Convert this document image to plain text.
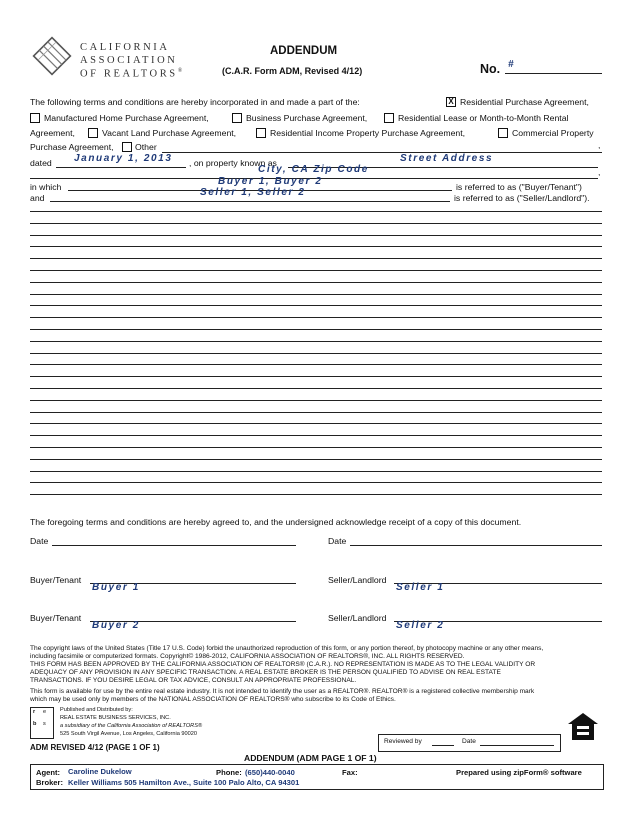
CALIFORNIA
ASSOCIATION
OF REALTORS®
ADDENDUM
(C.A.R. Form ADM, Revised 4/12)	No. #
The following terms and conditions are hereby incorporated in and made a part of the:	X Residential Purchase Agreement,
Manufactured Home Purchase Agreement,	Business Purchase Agreement,	Residential Lease or Month-to-Month Rental
Agreement,	Vacant Land Purchase Agreement,	Residential Income Property Purchase Agreement,	Commercial Property
Purchase Agreement, Other	,
dated January 1, 2013 , on property known as	Street Address
City, CA Zip Code	,
in which	Buyer 1, Buyer 2	is referred to as ("Buyer/Tenant")
and	Seller 1, Seller 2	is referred to as ("Seller/Landlord").
The foregoing terms and conditions are hereby agreed to, and the undersigned acknowledge receipt of a copy of this document.
Date	Date
Buyer/Tenant
Buyer 1
Seller/Landlord
Seller 1
Buyer/Tenant
Buyer 2
Seller/Landlord
Seller 2
The copyright laws of the United States (Title 17 U.S. Code) forbid the unauthorized reproduction of this form, or any portion thereof, by photocopy machine or any other means,
including facsimile or computerized formats. Copyright© 1986-2012, CALIFORNIA ASSOCIATION OF REALTORS®, INC. ALL RIGHTS RESERVED.
THIS FORM HAS BEEN APPROVED BY THE CALIFORNIA ASSOCIATION OF REALTORS® (C.A.R.). NO REPRESENTATION IS MADE AS TO THE LEGAL VALIDITY OR
ADEQUACY OF ANY PROVISION IN ANY SPECIFIC TRANSACTION. A REAL ESTATE BROKER IS THE PERSON QUALIFIED TO ADVISE ON REAL ESTATE
TRANSACTIONS. IF YOU DESIRE LEGAL OR TAX ADVICE, CONSULT AN APPROPRIATE PROFESSIONAL.
This form is available for use by the entire real estate industry. It is not intended to identify the user as a REALTOR®. REALTOR® is a registered collective membership mark
which may be used only by members of the NATIONAL ASSOCIATION OF REALTORS® who subscribe to its Code of Ethics.
r e
b s
Published and Distributed by:
REAL ESTATE BUSINESS SERVICES, INC.
a subsidiary of the California Association of REALTORS®
525 South Virgil Avenue, Los Angeles, California 90020
ADM REVISED 4/12 (PAGE 1 OF 1)
Reviewed by	Date
ADDENDUM (ADM PAGE 1 OF 1)
Agent: Caroline Dukelow	Phone: (650)440-0040	Fax:	Prepared using zipForm® software
Broker: Keller Williams 505 Hamilton Ave., Suite 100 Palo Alto, CA 94301
